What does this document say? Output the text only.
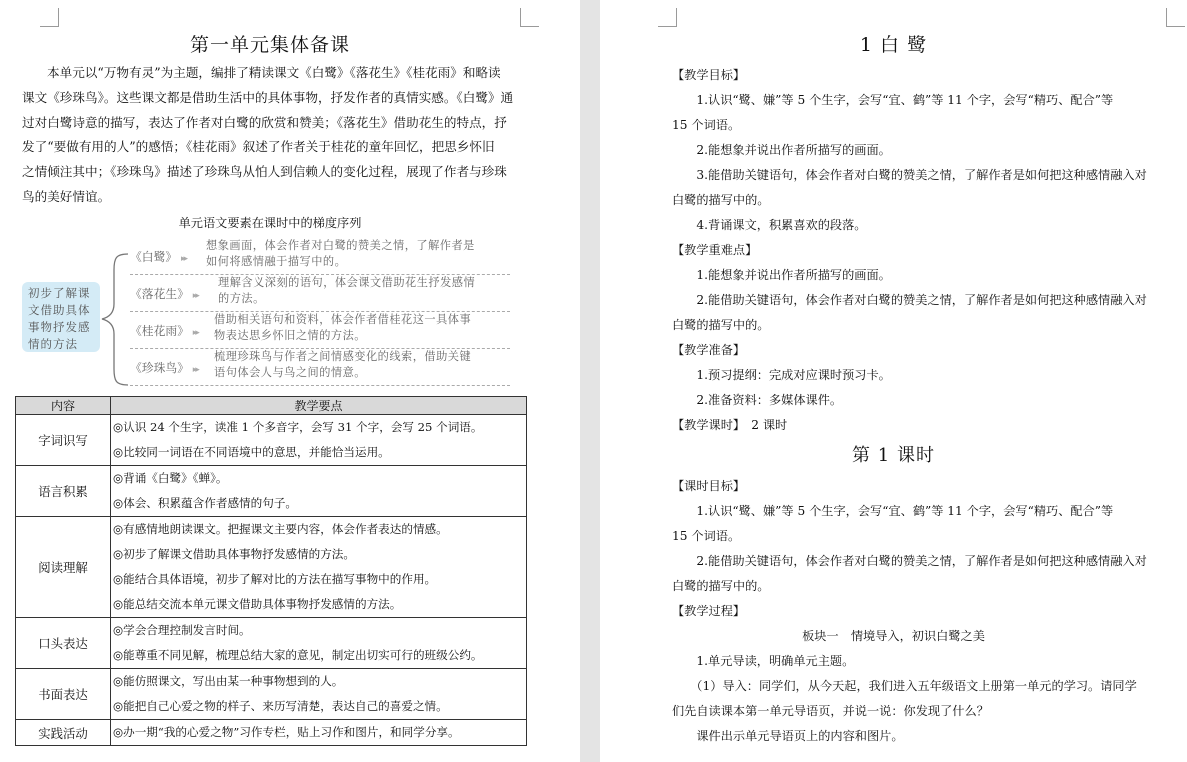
第一单元集体备课
本单元以“万物有灵”为主题，编排了精读课文《白鹭》《落花生》《桂花雨》和略读
课文《珍珠鸟》。这些课文都是借助生活中的具体事物，抒发作者的真情实感。《白鹭》通
过对白鹭诗意的描写，表达了作者对白鹭的欣赏和赞美；《落花生》借助花生的特点，抒
发了“要做有用的人”的感悟；《桂花雨》叙述了作者关于桂花的童年回忆，把思乡怀旧
之情倾注其中；《珍珠鸟》描述了珍珠鸟从怕人到信赖人的变化过程，展现了作者与珍珠
鸟的美好情谊。
单元语文要素在课时中的梯度序列
初步了解课文借助具体事物抒发感情的方法
《白鹭》 ▸▸
想象画面，体会作者对白鹭的赞美之情，了解作者是
如何将感情融于描写中的。
《落花生》 ▸▸
理解含义深刻的语句，体会课文借助花生抒发感情
的方法。
《桂花雨》 ▸▸
借助相关语句和资料，体会作者借桂花这一具体事
物表达思乡怀旧之情的方法。
《珍珠鸟》 ▸▸
梳理珍珠鸟与作者之间情感变化的线索，借助关键
语句体会人与鸟之间的情意。
内容	教学要点
字词识写	◎认识 24 个生字，读准 1 个多音字，会写 31 个字，会写 25 个词语。
◎比较同一词语在不同语境中的意思，并能恰当运用。

语言积累	◎背诵《白鹭》《蝉》。
◎体会、积累蕴含作者感情的句子。

阅读理解	◎有感情地朗读课文。把握课文主要内容，体会作者表达的情感。
◎初步了解课文借助具体事物抒发感情的方法。
◎能结合具体语境，初步了解对比的方法在描写事物中的作用。
◎能总结交流本单元课文借助具体事物抒发感情的方法。

口头表达	◎学会合理控制发言时间。
◎能尊重不同见解，梳理总结大家的意见，制定出切实可行的班级公约。

书面表达	◎能仿照课文，写出由某一种事物想到的人。
◎能把自己心爱之物的样子、来历写清楚，表达自己的喜爱之情。

实践活动	◎办一期“我的心爱之物”习作专栏，贴上习作和图片，和同学分享。
1 白 鹭
【教学目标】
　　1.认识“鹭、嫌”等 5 个生字，会写“宜、鹤”等 11 个字，会写“精巧、配合”等
15 个词语。
　　2.能想象并说出作者所描写的画面。
　　3.能借助关键语句，体会作者对白鹭的赞美之情，了解作者是如何把这种感情融入对
白鹭的描写中的。
　　4.背诵课文，积累喜欢的段落。
【教学重难点】
　　1.能想象并说出作者所描写的画面。
　　2.能借助关键语句，体会作者对白鹭的赞美之情，了解作者是如何把这种感情融入对
白鹭的描写中的。
【教学准备】
　　1.预习提纲：完成对应课时预习卡。
　　2.准备资料：多媒体课件。
【教学课时】　2 课时
第 1 课时
【课时目标】
　　1.认识“鹭、嫌”等 5 个生字，会写“宜、鹤”等 11 个字，会写“精巧、配合”等
15 个词语。
　　2.能借助关键语句，体会作者对白鹭的赞美之情，了解作者是如何把这种感情融入对
白鹭的描写中的。
【教学过程】
板块一　情境导入，初识白鹭之美
　　1.单元导读，明确单元主题。
　　（1）导入：同学们，从今天起，我们进入五年级语文上册第一单元的学习。请同学
们先自读课本第一单元导语页，并说一说：你发现了什么？
　　课件出示单元导语页上的内容和图片。
